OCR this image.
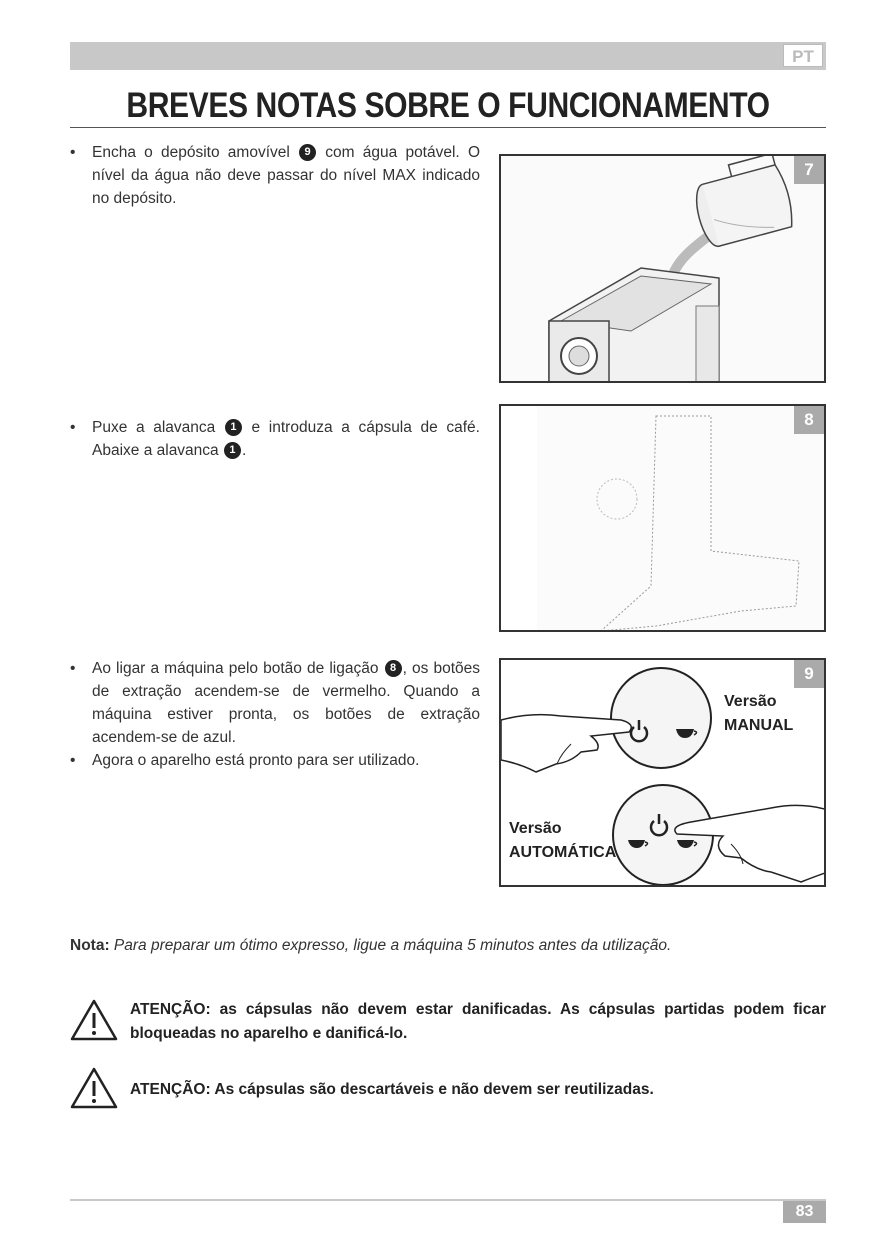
PT
BREVES NOTAS SOBRE O FUNCIONAMENTO
• Encha o depósito amovível 9 com água potável. O nível da água não deve passar do nível MAX indicado no depósito.
7
• Puxe a alavanca 1 e introduza a cápsula de café. Abaixe a alavanca 1 .
8
• Ao ligar a máquina pelo botão de ligação 8 , os botões de extração acendem-se de vermelho. Quando a máquina estiver pronta, os botões de extração acendem-se de azul.
• Agora o aparelho está pronto para ser utilizado.
9
Versão
MANUAL
Versão
AUTOMÁTICA
Nota: Para preparar um ótimo expresso, ligue a máquina 5 minutos antes da utilização.
ATENÇÃO: as cápsulas não devem estar danificadas. As cápsulas partidas podem ficar bloqueadas no aparelho e danificá-lo.
ATENÇÃO: As cápsulas são descartáveis e não devem ser reutilizadas.
83
